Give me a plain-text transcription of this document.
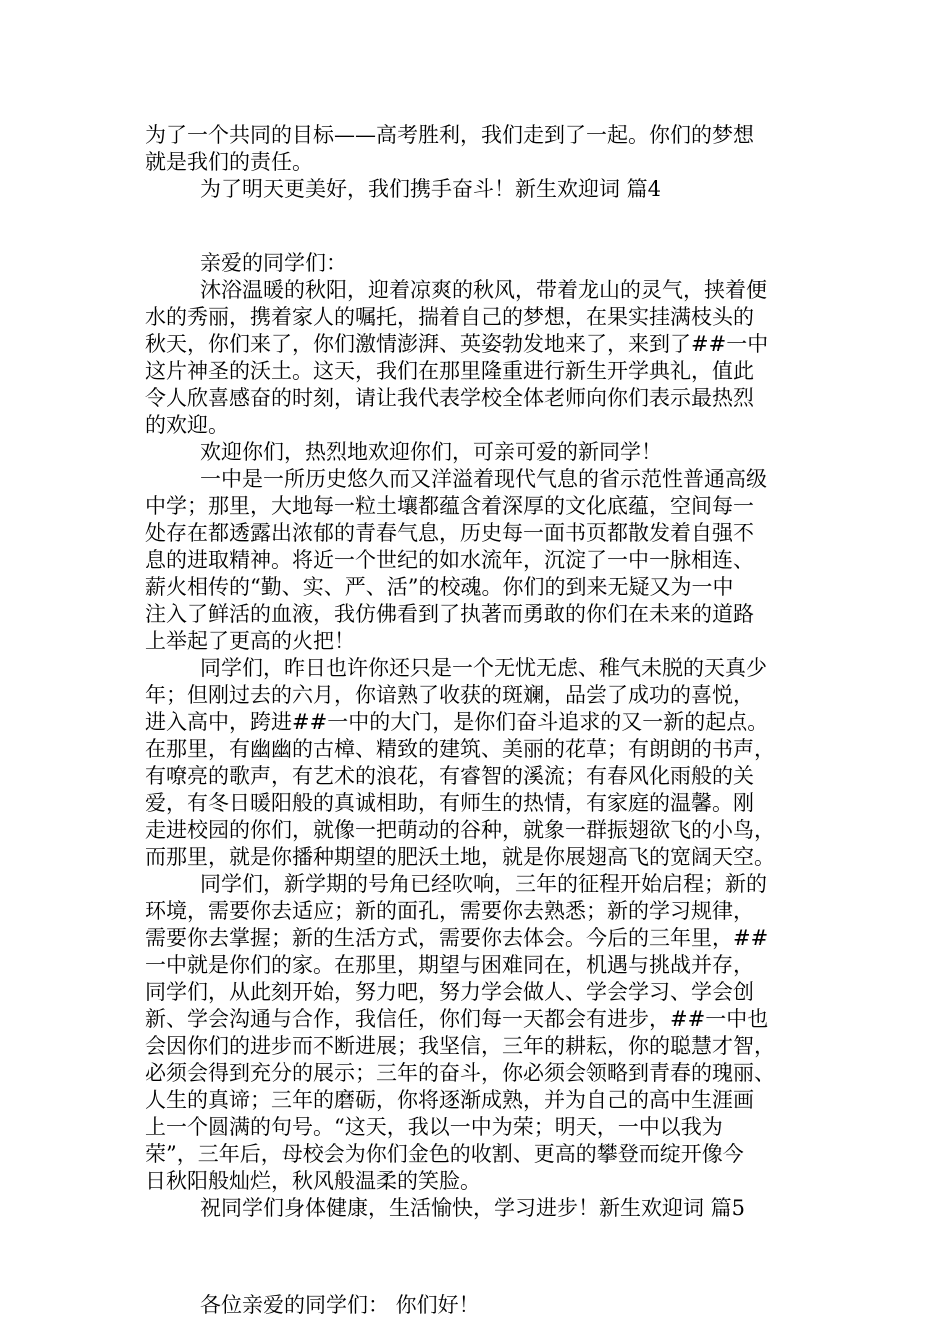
为了一个共同的目标——高考胜利，我们走到了一起。你们的梦想
就是我们的责任。
为了明天更美好，我们携手奋斗！新生欢迎词 篇4
亲爱的同学们：
沐浴温暖的秋阳，迎着凉爽的秋风，带着龙山的灵气，挟着便
水的秀丽，携着家人的嘱托，揣着自己的梦想，在果实挂满枝头的
秋天，你们来了，你们激情澎湃、英姿勃发地来了，来到了##一中
这片神圣的沃土。这天，我们在那里隆重进行新生开学典礼，值此
令人欣喜感奋的时刻，请让我代表学校全体老师向你们表示最热烈
的欢迎。
欢迎你们，热烈地欢迎你们，可亲可爱的新同学！
一中是一所历史悠久而又洋溢着现代气息的省示范性普通高级
中学；那里，大地每一粒土壤都蕴含着深厚的文化底蕴，空间每一
处存在都透露出浓郁的青春气息，历史每一面书页都散发着自强不
息的进取精神。将近一个世纪的如水流年，沉淀了一中一脉相连、
薪火相传的“勤、实、严、活”的校魂。你们的到来无疑又为一中
注入了鲜活的血液，我仿佛看到了执著而勇敢的你们在未来的道路
上举起了更高的火把！
同学们，昨日也许你还只是一个无忧无虑、稚气未脱的天真少
年；但刚过去的六月，你谙熟了收获的斑斓，品尝了成功的喜悦，
进入高中，跨进##一中的大门，是你们奋斗追求的又一新的起点。
在那里，有幽幽的古樟、精致的建筑、美丽的花草；有朗朗的书声，
有嘹亮的歌声，有艺术的浪花，有睿智的溪流；有春风化雨般的关
爱，有冬日暖阳般的真诚相助，有师生的热情，有家庭的温馨。刚
走进校园的你们，就像一把萌动的谷种，就象一群振翅欲飞的小鸟，
而那里，就是你播种期望的肥沃土地，就是你展翅高飞的宽阔天空。
同学们，新学期的号角已经吹响，三年的征程开始启程；新的
环境，需要你去适应；新的面孔，需要你去熟悉；新的学习规律，
需要你去掌握；新的生活方式，需要你去体会。今后的三年里，##
一中就是你们的家。在那里，期望与困难同在，机遇与挑战并存，
同学们，从此刻开始，努力吧，努力学会做人、学会学习、学会创
新、学会沟通与合作，我信任，你们每一天都会有进步，##一中也
会因你们的进步而不断进展；我坚信，三年的耕耘，你的聪慧才智，
必须会得到充分的展示；三年的奋斗，你必须会领略到青春的瑰丽、
人生的真谛；三年的磨砺，你将逐渐成熟，并为自己的高中生涯画
上一个圆满的句号。“这天，我以一中为荣；明天，一中以我为
荣”，三年后，母校会为你们金色的收割、更高的攀登而绽开像今
日秋阳般灿烂，秋风般温柔的笑脸。
祝同学们身体健康，生活愉快，学习进步！新生欢迎词 篇5
各位亲爱的同学们： 你们好！
